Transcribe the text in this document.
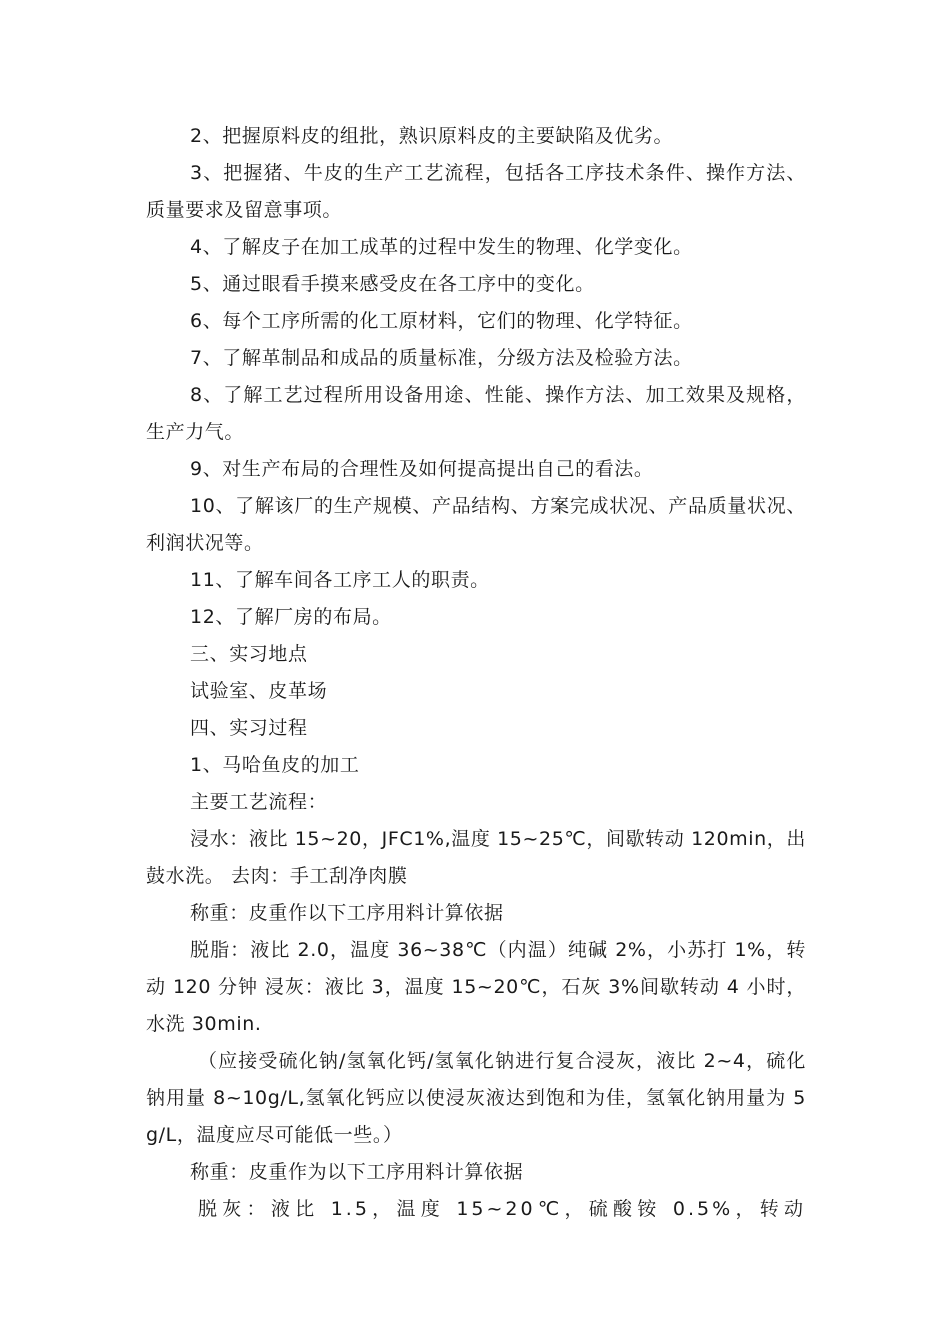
2、把握原料皮的组批，熟识原料皮的主要缺陷及优劣。

3、把握猪、牛皮的生产工艺流程，包括各工序技术条件、操作方法、质量要求及留意事项。

4、了解皮子在加工成革的过程中发生的物理、化学变化。

5、通过眼看手摸来感受皮在各工序中的变化。

6、每个工序所需的化工原材料，它们的物理、化学特征。

7、了解革制品和成品的质量标准，分级方法及检验方法。

8、了解工艺过程所用设备用途、性能、操作方法、加工效果及规格，生产力气。

9、对生产布局的合理性及如何提高提出自己的看法。

10、了解该厂的生产规模、产品结构、方案完成状况、产品质量状况、利润状况等。

11、了解车间各工序工人的职责。

12、了解厂房的布局。

三、实习地点

试验室、皮革场

四、实习过程

1、马哈鱼皮的加工

主要工艺流程：

浸水：液比 15~20，JFC1%,温度 15~25℃，间歇转动 120min，出鼓水洗。 去肉：手工刮净肉膜

称重：皮重作以下工序用料计算依据

脱脂：液比 2.0，温度 36~38℃（内温）纯碱 2%，小苏打 1%，转动 120 分钟 浸灰：液比 3，温度 15~20℃，石灰 3%间歇转动 4 小时，水洗 30min.

（应接受硫化钠/氢氧化钙/氢氧化钠进行复合浸灰，液比 2~4，硫化钠用量 8~10g/L,氢氧化钙应以使浸灰液达到饱和为佳，氢氧化钠用量为 5g/L，温度应尽可能低一些。）

称重：皮重作为以下工序用料计算依据

脱灰：液比 1.5，温度 15~20℃，硫酸铵 0.5%，转动
